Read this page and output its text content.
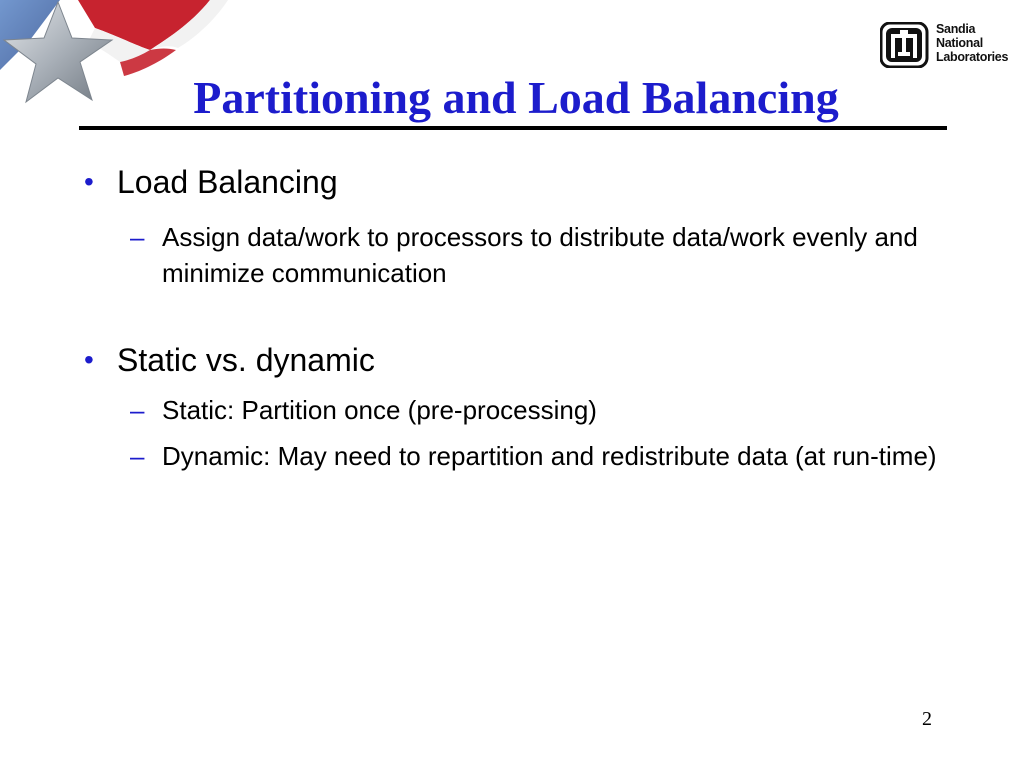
Sandia
National
Laboratories
Partitioning and Load Balancing
• Load Balancing
– Assign data/work to processors to distribute data/work evenly and minimize communication
• Static vs. dynamic
– Static: Partition once (pre-processing)
– Dynamic: May need to repartition and redistribute data (at run-time)
2
